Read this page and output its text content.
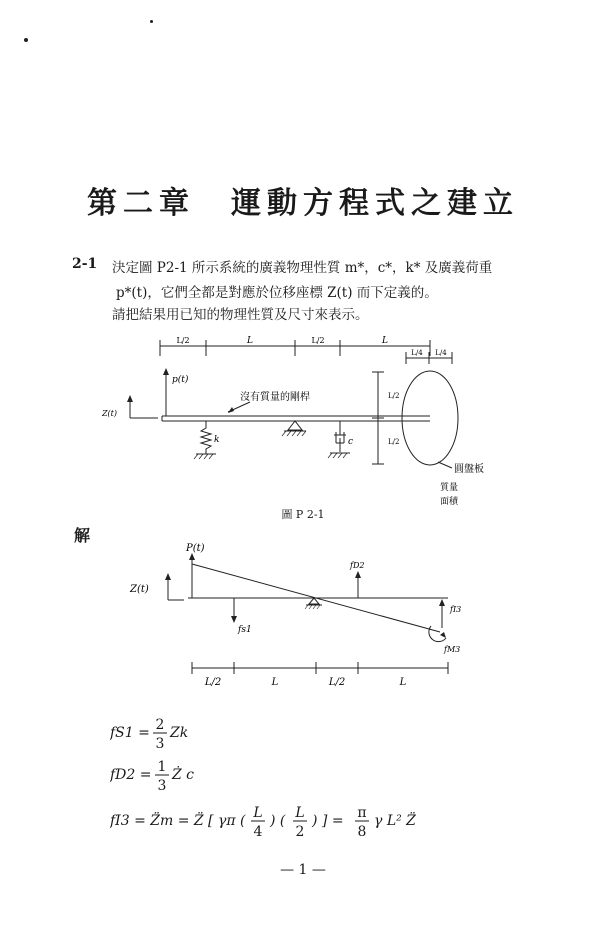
第二章　運動方程式之建立
2-1 決定圖 P2-1 所示系統的廣義物理性質 m*，c*，k* 及廣義荷重
p*(t)，它們全都是對應於位移座標 Z(t) 而下定義的。
請把結果用已知的物理性質及尺寸來表示。
L/2	L	L/2	L
L/4 L/4
L/2
L/2
p(t)
Z(t)
沒有質量的剛桿
k	c
圓盤板
質量
面積
圖 P 2-1
解
P(t)
Z(t)
fD2
fs1
fI3
fM3
L/2	L	L/2	L
fS1 = 2
3
Zk
fD2 = 1
3
Ż c
fI3 = Z̈m = Z̈ [ γπ ( L
4
) ( L
2
) ] = π
8
γ L² Z̈
— 1 —
